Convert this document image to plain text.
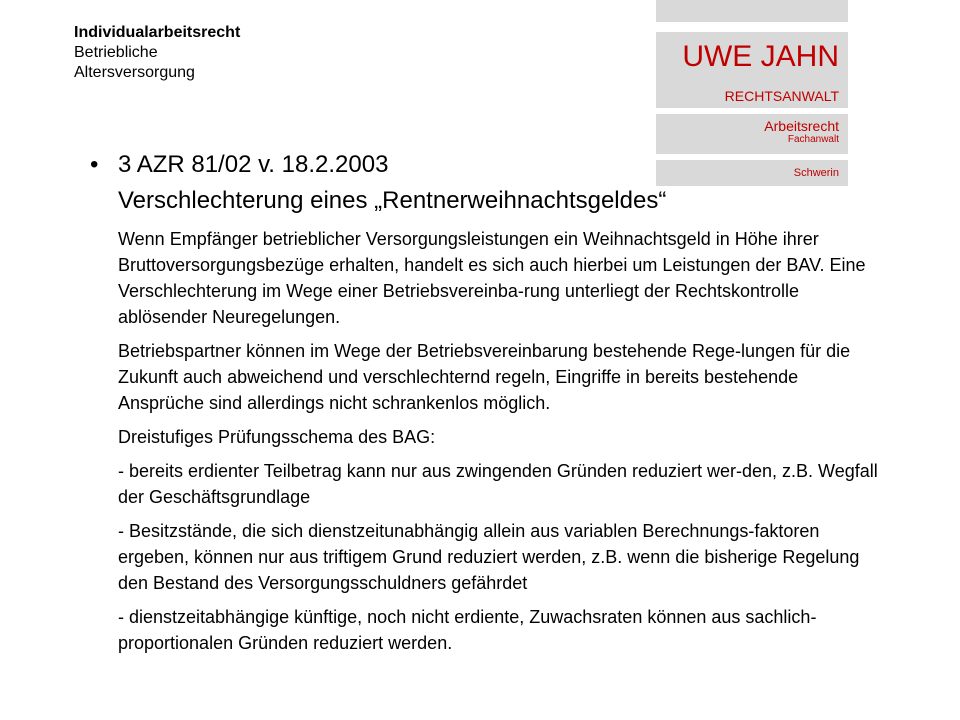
Individualarbeitsrecht
Betriebliche
Altersversorgung	UWE JAHN
RECHTSANWALT
Arbeitsrecht
Fachanwalt
Schwerin
• 3 AZR 81/02 v. 18.2.2003
Verschlechterung eines „Rentnerweihnachtsgeldes“
Wenn Empfänger betrieblicher Versorgungsleistungen ein Weihnachtsgeld in Höhe ihrer Bruttoversorgungsbezüge erhalten, handelt es sich auch hierbei um Leistungen der BAV. Eine Verschlechterung im Wege einer Betriebsvereinba-rung unterliegt der Rechtskontrolle ablösender Neuregelungen.
Betriebspartner können im Wege der Betriebsvereinbarung bestehende Rege-lungen für die Zukunft auch abweichend und verschlechternd regeln, Eingriffe in bereits bestehende Ansprüche sind allerdings nicht schrankenlos möglich.
Dreistufiges Prüfungsschema des BAG:
- bereits erdienter Teilbetrag kann nur aus zwingenden Gründen reduziert wer-den, z.B. Wegfall der Geschäftsgrundlage
- Besitzstände, die sich dienstzeitunabhängig allein aus variablen Berechnungs-faktoren ergeben, können nur aus triftigem Grund reduziert werden, z.B. wenn die bisherige Regelung den Bestand des Versorgungsschuldners gefährdet
- dienstzeitabhängige künftige, noch nicht erdiente, Zuwachsraten können aus sachlich-proportionalen Gründen reduziert werden.
